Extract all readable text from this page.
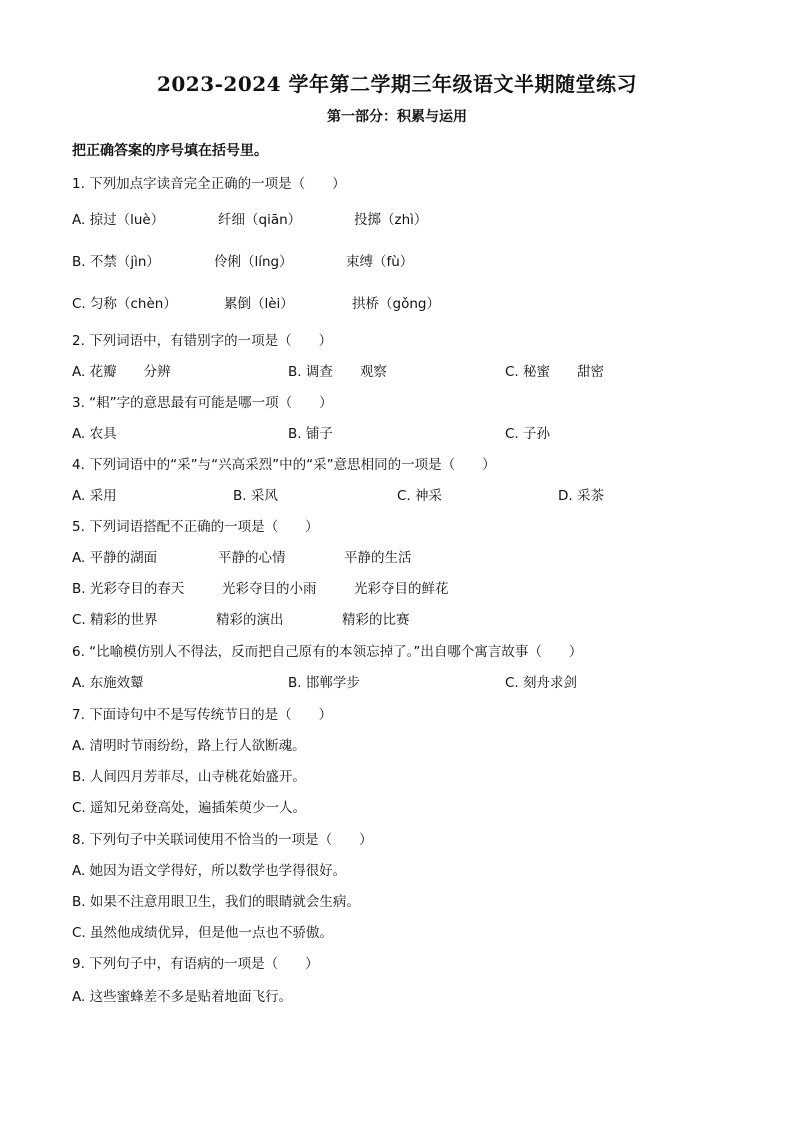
2023-2024 学年第二学期三年级语文半期随堂练习
第一部分：积累与运用
把正确答案的序号填在括号里。
1. 下列加点字读音完全正确的一项是（　　）
A. 掠过（luè）	纤细（qiān）	投掷（zhì）
B. 不禁（jìn）	伶俐（líng）	束缚（fù）
C. 匀称（chèn）	累倒（lèi）	拱桥（gǒng）
2. 下列词语中，有错别字的一项是（　　）
A. 花瓣　　分辨	B. 调查　　观察	C. 秘蜜　　甜密
3. “耜”字的意思最有可能是哪一项（　　）
A. 农具	B. 铺子	C. 子孙
4. 下列词语中的“采”与“兴高采烈”中的“采”意思相同的一项是（　　）
A. 采用	B. 采风	C. 神采	D. 采茶
5. 下列词语搭配不正确的一项是（　　）
A. 平静的湖面	平静的心情	平静的生活
B. 光彩夺目的春天	光彩夺目的小雨	光彩夺目的鲜花
C. 精彩的世界	精彩的演出	精彩的比赛
6. “比喻模仿别人不得法，反而把自己原有的本领忘掉了。”出自哪个寓言故事（　　）
A. 东施效颦	B. 邯郸学步	C. 刻舟求剑
7. 下面诗句中不是写传统节日的是（　　）
A. 清明时节雨纷纷，路上行人欲断魂。
B. 人间四月芳菲尽，山寺桃花始盛开。
C. 遥知兄弟登高处，遍插茱萸少一人。
8. 下列句子中关联词使用不恰当的一项是（　　）
A. 她因为语文学得好，所以数学也学得很好。
B. 如果不注意用眼卫生，我们的眼睛就会生病。
C. 虽然他成绩优异，但是他一点也不骄傲。
9. 下列句子中，有语病的一项是（　　）
A. 这些蜜蜂差不多是贴着地面飞行。
